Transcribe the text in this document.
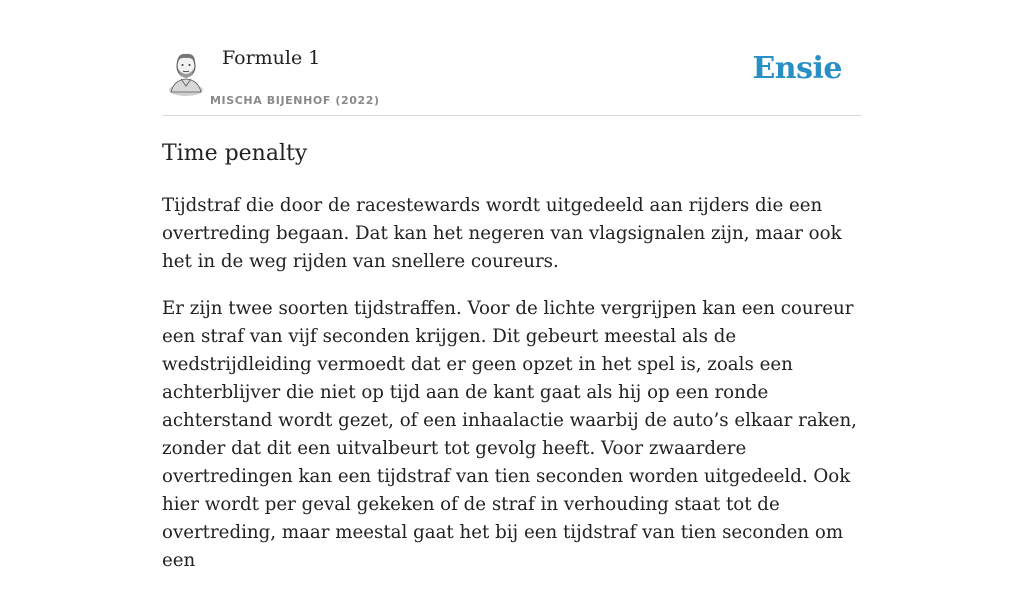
Formule 1
MISCHA BIJENHOF (2022)
Ensie
Time penalty

Tijdstraf die door de racestewards wordt uitgedeeld aan rijders die een overtreding begaan. Dat kan het negeren van vlagsignalen zijn, maar ook het in de weg rijden van snellere coureurs.

Er zijn twee soorten tijdstraffen. Voor de lichte vergrijpen kan een coureur een straf van vijf seconden krijgen. Dit gebeurt meestal als de wedstrijdleiding vermoedt dat er geen opzet in het spel is, zoals een achterblijver die niet op tijd aan de kant gaat als hij op een ronde achterstand wordt gezet, of een inhaalactie waarbij de auto’s elkaar raken, zonder dat dit een uitvalbeurt tot gevolg heeft. Voor zwaardere overtredingen kan een tijdstraf van tien seconden worden uitgedeeld. Ook hier wordt per geval gekeken of de straf in verhouding staat tot de overtreding, maar meestal gaat het bij een tijdstraf van tien seconden om een
